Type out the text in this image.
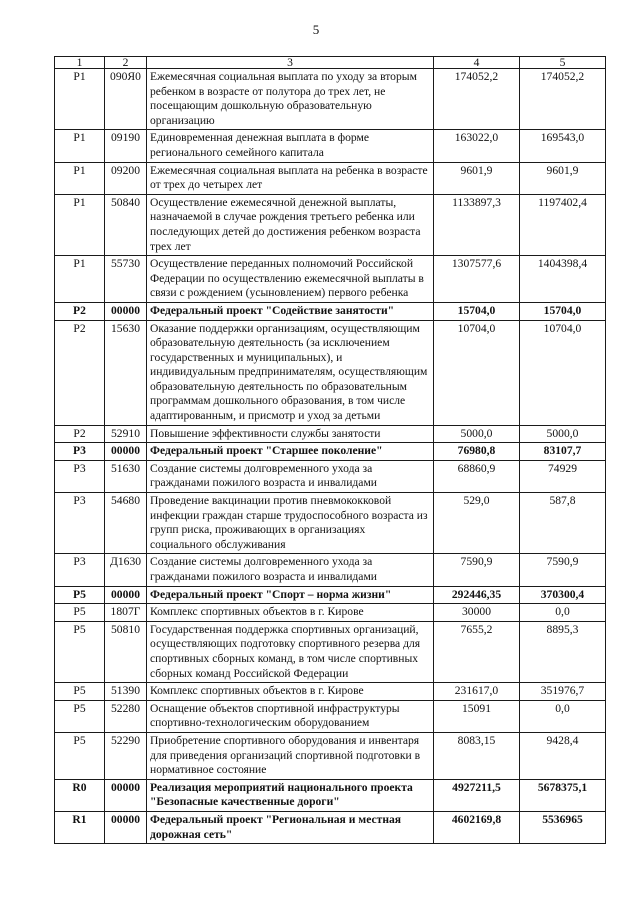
5
1	2	3	4	5
P1	090Я0	Ежемесячная социальная выплата по уходу за вторым ребенком в возрасте от полутора до трех лет, не посещающим дошкольную образовательную организацию	174052,2	174052,2
P1	09190	Единовременная денежная выплата в форме регионального семейного капитала	163022,0	169543,0
P1	09200	Ежемесячная социальная выплата на ребенка в возрасте от трех до четырех лет	9601,9	9601,9
P1	50840	Осуществление ежемесячной денежной выплаты, назначаемой в случае рождения третьего ребенка или последующих детей до достижения ребенком возраста трех лет	1133897,3	1197402,4
P1	55730	Осуществление переданных полномочий Российской Федерации по осуществлению ежемесячной выплаты в связи с рождением (усыновлением) первого ребенка	1307577,6	1404398,4
P2	00000	Федеральный проект "Содействие занятости"	15704,0	15704,0
P2	15630	Оказание поддержки организациям, осуществляющим образовательную деятельность (за исключением государственных и муниципальных), и индивидуальным предпринимателям, осуществляющим образовательную деятельность по образовательным программам дошкольного образования, в том числе адаптированным, и присмотр и уход за детьми	10704,0	10704,0
P2	52910	Повышение эффективности службы занятости	5000,0	5000,0
P3	00000	Федеральный проект "Старшее поколение"	76980,8	83107,7
P3	51630	Создание системы долговременного ухода за гражданами пожилого возраста и инвалидами	68860,9	74929
P3	54680	Проведение вакцинации против пневмококковой инфекции граждан старше трудоспособного возраста из групп риска, проживающих в организациях социального обслуживания	529,0	587,8
P3	Д1630	Создание системы долговременного ухода за гражданами пожилого возраста и инвалидами	7590,9	7590,9
P5	00000	Федеральный проект "Спорт – норма жизни"	292446,35	370300,4
P5	1807Г	Комплекс спортивных объектов в г. Кирове	30000	0,0
P5	50810	Государственная поддержка спортивных организаций, осуществляющих подготовку спортивного резерва для спортивных сборных команд, в том числе спортивных сборных команд Российской Федерации	7655,2	8895,3
P5	51390	Комплекс спортивных объектов в г. Кирове	231617,0	351976,7
P5	52280	Оснащение объектов спортивной инфраструктуры спортивно-технологическим оборудованием	15091	0,0
P5	52290	Приобретение спортивного оборудования и инвентаря для приведения организаций спортивной подготовки в нормативное состояние	8083,15	9428,4
R0	00000	Реализация мероприятий национального проекта "Безопасные качественные дороги"	4927211,5	5678375,1
R1	00000	Федеральный проект "Региональная и местная дорожная сеть"	4602169,8	5536965
